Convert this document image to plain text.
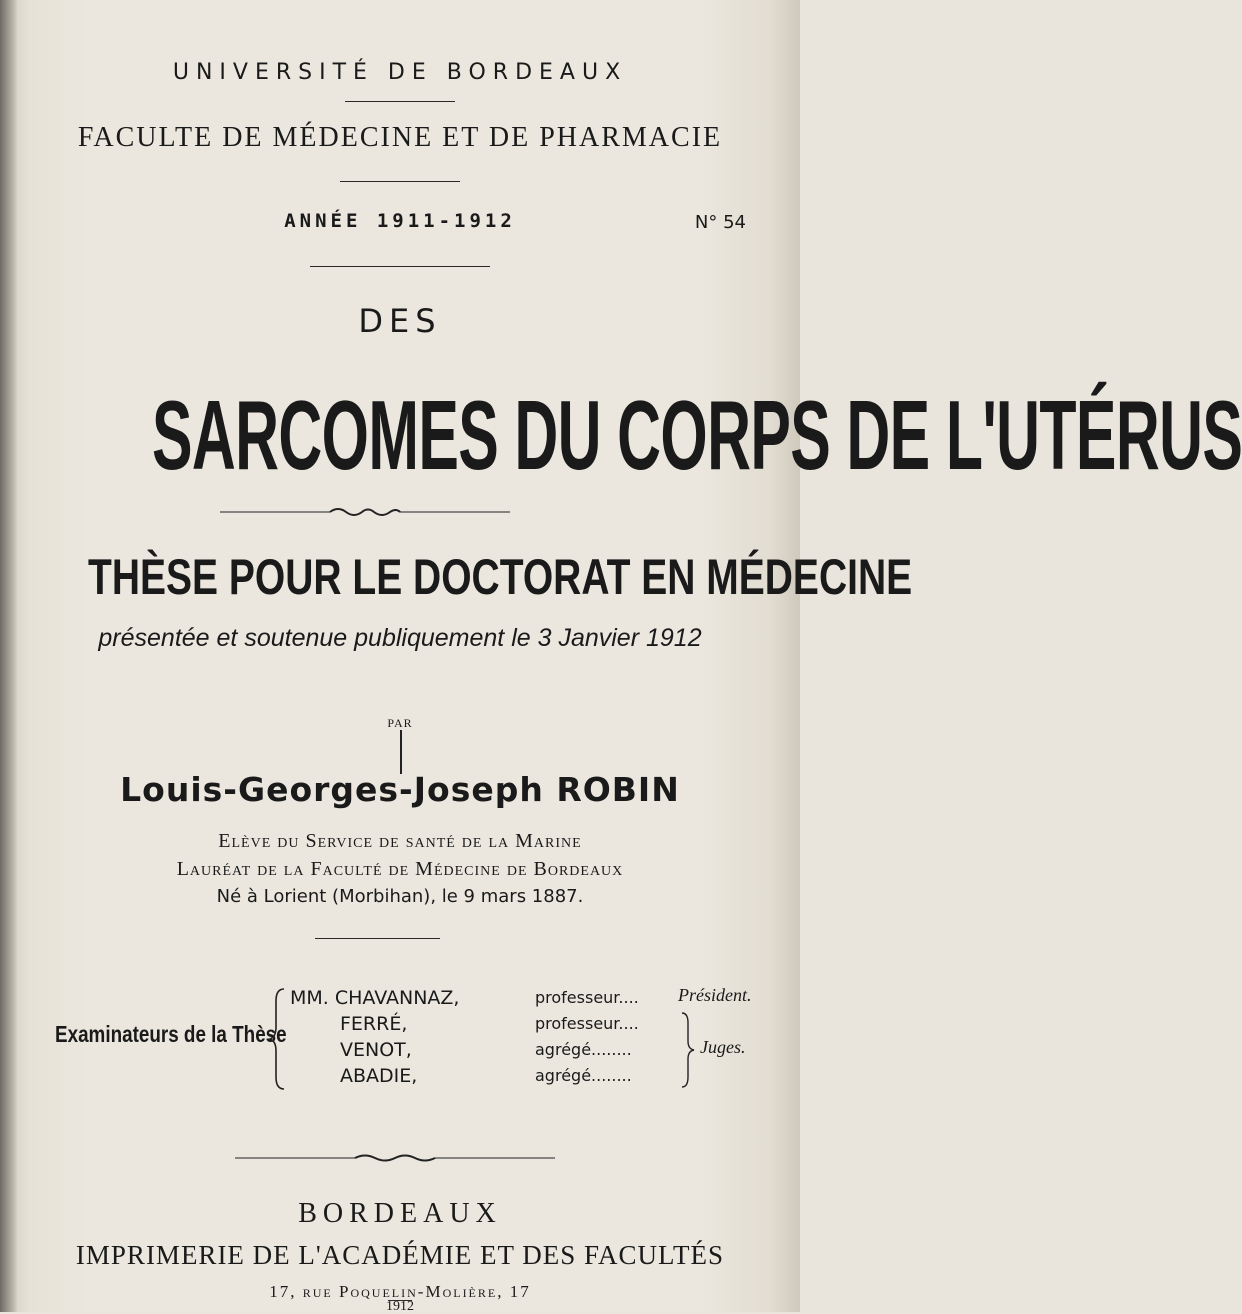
UNIVERSITÉ DE BORDEAUX
FACULTE DE MÉDECINE ET DE PHARMACIE
ANNÉE 1911-1912	N° 54
DES
SARCOMES DU CORPS DE L'UTÉRUS
THÈSE POUR LE DOCTORAT EN MÉDECINE
présentée et soutenue publiquement le 3 Janvier 1912
PAR
Louis-Georges-Joseph ROBIN
Elève du Service de santé de la Marine
Lauréat de la Faculté de Médecine de Bordeaux
Né à Lorient (Morbihan), le 9 mars 1887.
Examinateurs de la Thèse
MM. CHAVANNAZ,
FERRÉ,
VENOT,
ABADIE,
professeur....
professeur....
agrégé........
agrégé........
Président.
Juges.
BORDEAUX
IMPRIMERIE DE L'ACADÉMIE ET DES FACULTÉS
17, rue Poquelin-Molière, 17
1912
